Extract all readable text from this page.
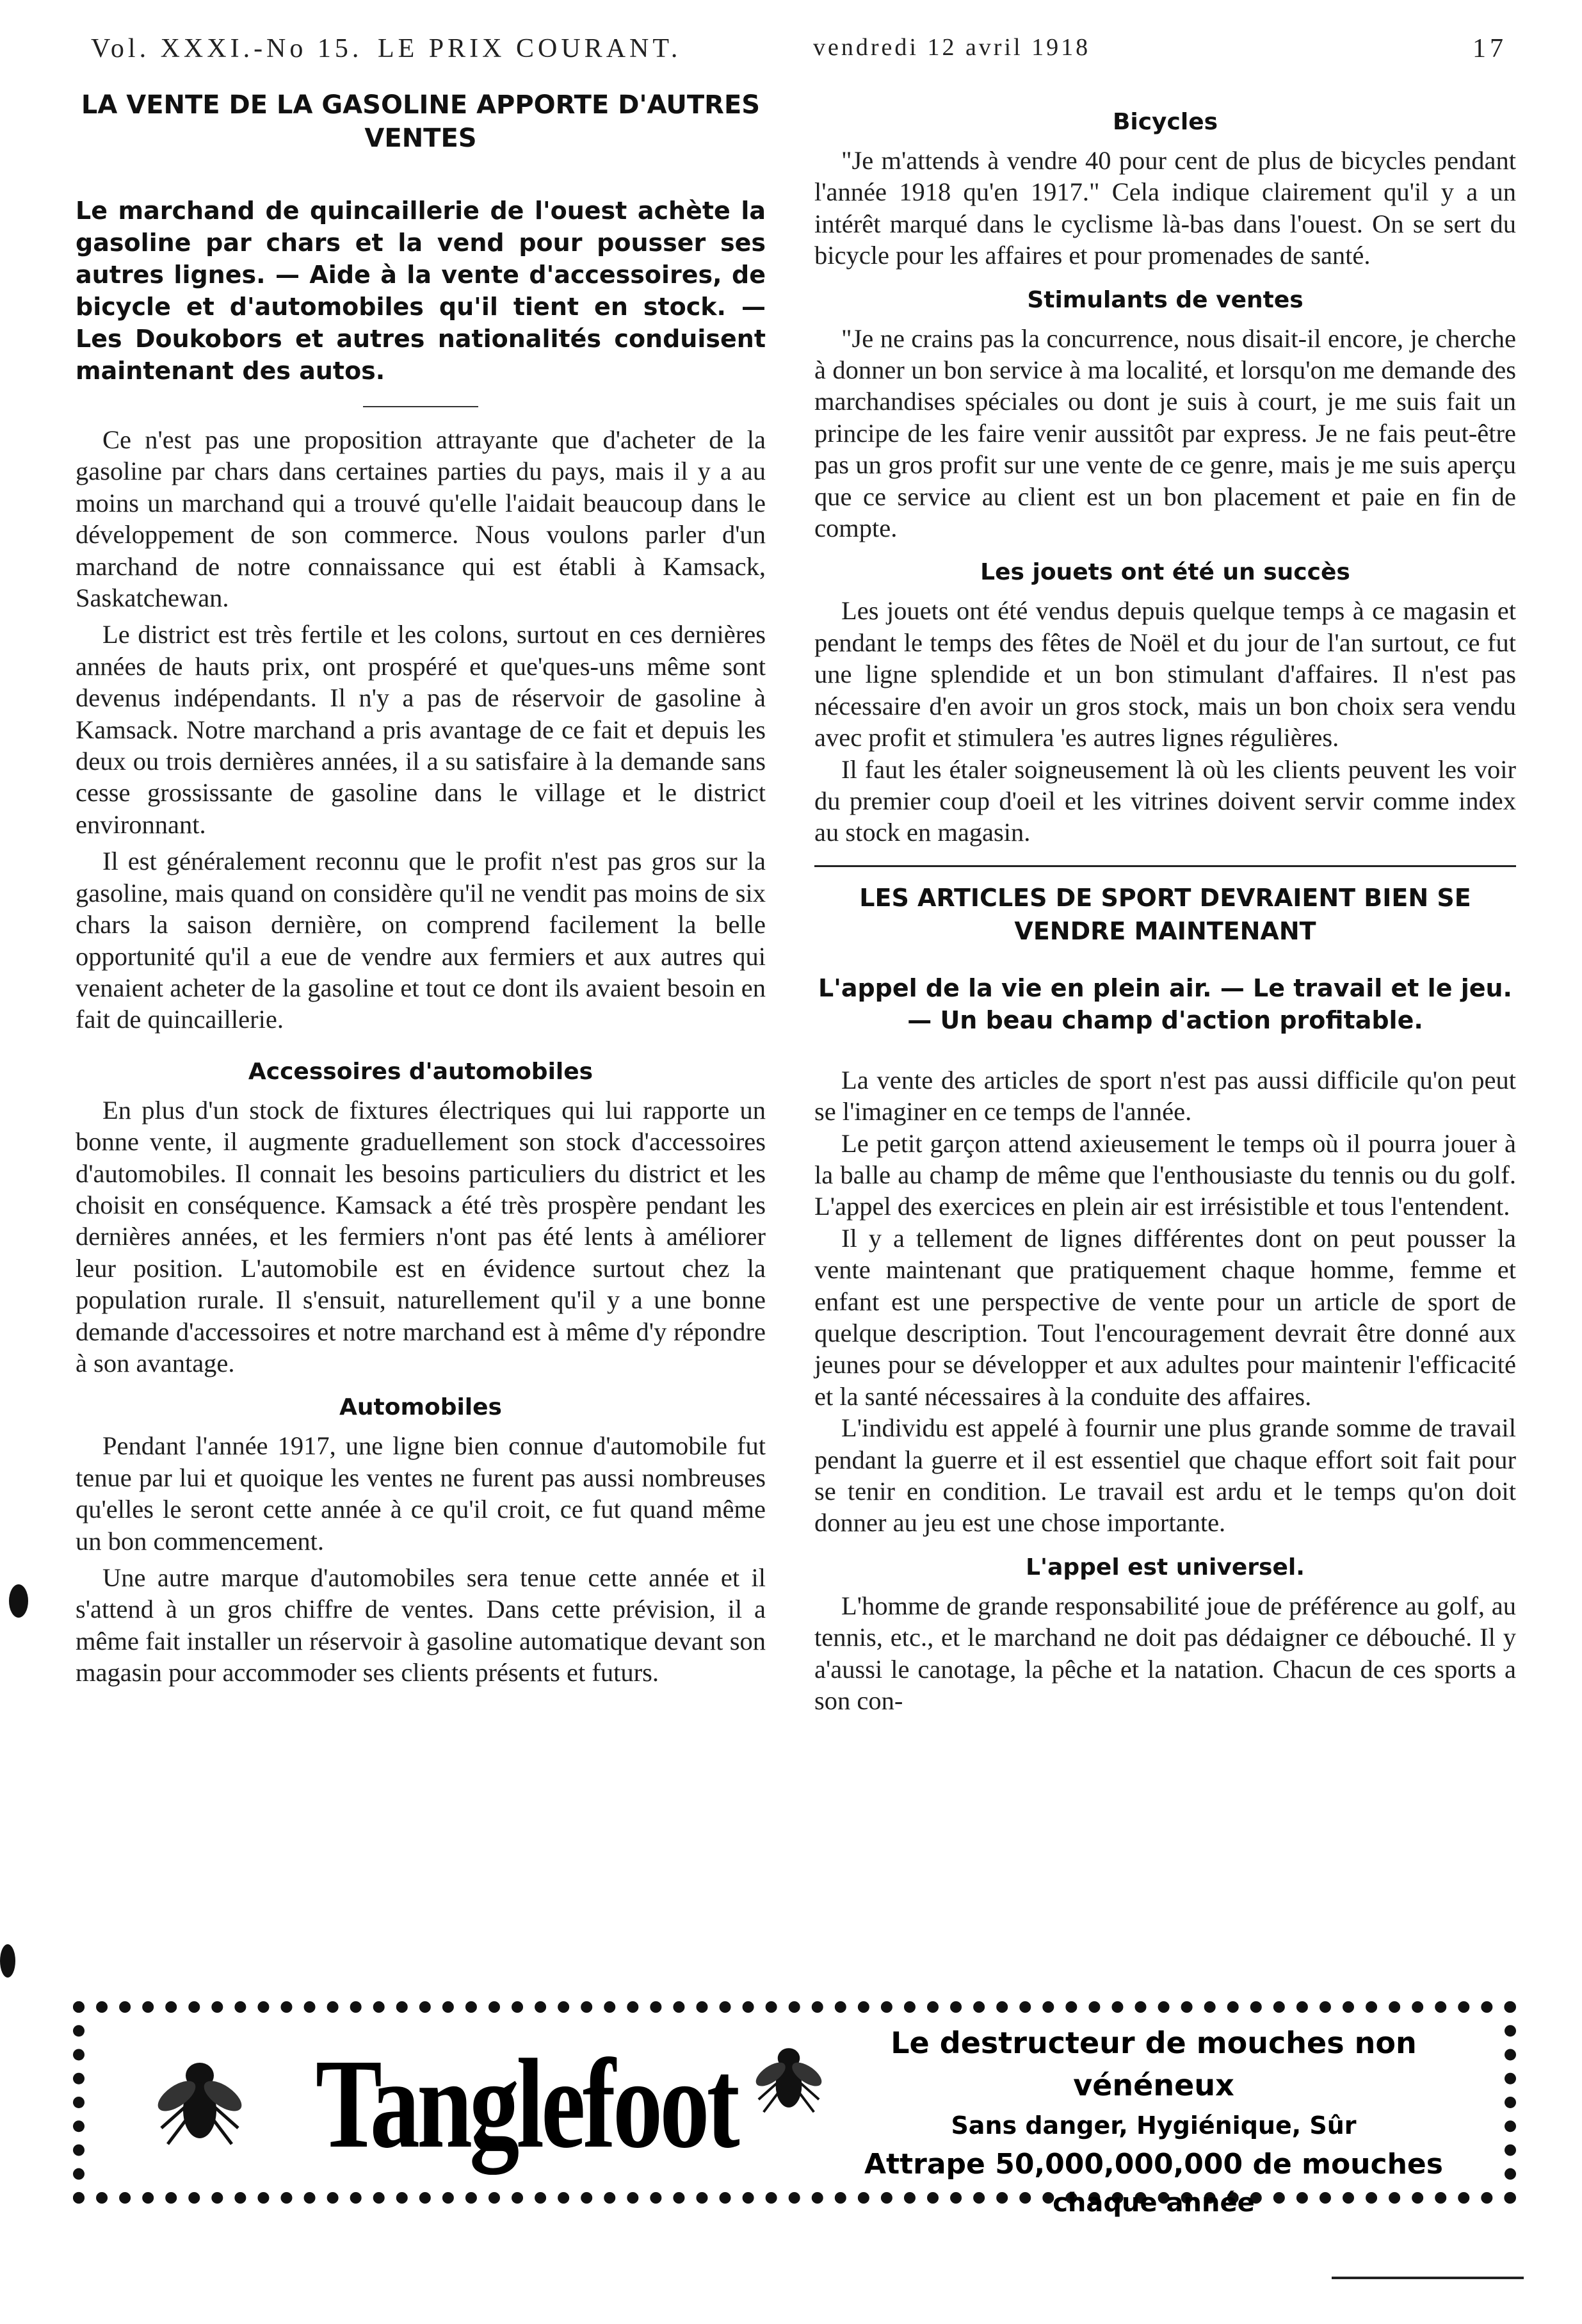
Vol. XXXI.-No 15. LE PRIX COURANT.	vendredi 12 avril 1918	17
LA VENTE DE LA GASOLINE APPORTE D'AUTRES VENTES
Le marchand de quincaillerie de l'ouest achète la gasoline par chars et la vend pour pousser ses autres lignes. — Aide à la vente d'accessoires, de bicycle et d'automobiles qu'il tient en stock. — Les Doukobors et autres nationalités conduisent maintenant des autos.

Ce n'est pas une proposition attrayante que d'acheter de la gasoline par chars dans certaines parties du pays, mais il y a au moins un marchand qui a trouvé qu'elle l'aidait beaucoup dans le développement de son commerce. Nous voulons parler d'un marchand de notre connaissance qui est établi à Kamsack, Saskatchewan.

Le district est très fertile et les colons, surtout en ces dernières années de hauts prix, ont prospéré et que'ques-uns même sont devenus indépendants. Il n'y a pas de réservoir de gasoline à Kamsack. Notre marchand a pris avantage de ce fait et depuis les deux ou trois dernières années, il a su satisfaire à la demande sans cesse grossissante de gasoline dans le village et le district environnant.

Il est généralement reconnu que le profit n'est pas gros sur la gasoline, mais quand on considère qu'il ne vendit pas moins de six chars la saison dernière, on comprend facilement la belle opportunité qu'il a eue de vendre aux fermiers et aux autres qui venaient acheter de la gasoline et tout ce dont ils avaient besoin en fait de quincaillerie.

Accessoires d'automobiles

En plus d'un stock de fixtures électriques qui lui rapporte un bonne vente, il augmente graduellement son stock d'accessoires d'automobiles. Il connait les besoins particuliers du district et les choisit en conséquence. Kamsack a été très prospère pendant les dernières années, et les fermiers n'ont pas été lents à améliorer leur position. L'automobile est en évidence surtout chez la population rurale. Il s'ensuit, naturellement qu'il y a une bonne demande d'accessoires et notre marchand est à même d'y répondre à son avantage.

Automobiles

Pendant l'année 1917, une ligne bien connue d'automobile fut tenue par lui et quoique les ventes ne furent pas aussi nombreuses qu'elles le seront cette année à ce qu'il croit, ce fut quand même un bon commencement.

Une autre marque d'automobiles sera tenue cette année et il s'attend à un gros chiffre de ventes. Dans cette prévision, il a même fait installer un réservoir à gasoline automatique devant son magasin pour accommoder ses clients présents et futurs.

Bicycles

"Je m'attends à vendre 40 pour cent de plus de bicycles pendant l'année 1918 qu'en 1917." Cela indique clairement qu'il y a un intérêt marqué dans le cyclisme là-bas dans l'ouest. On se sert du bicycle pour les affaires et pour promenades de santé.

Stimulants de ventes

"Je ne crains pas la concurrence, nous disait-il encore, je cherche à donner un bon service à ma localité, et lorsqu'on me demande des marchandises spéciales ou dont je suis à court, je me suis fait un principe de les faire venir aussitôt par express. Je ne fais peut-être pas un gros profit sur une vente de ce genre, mais je me suis aperçu que ce service au client est un bon placement et paie en fin de compte.

Les jouets ont été un succès

Les jouets ont été vendus depuis quelque temps à ce magasin et pendant le temps des fêtes de Noël et du jour de l'an surtout, ce fut une ligne splendide et un bon stimulant d'affaires. Il n'est pas nécessaire d'en avoir un gros stock, mais un bon choix sera vendu avec profit et stimulera 'es autres lignes régulières.

Il faut les étaler soigneusement là où les clients peuvent les voir du premier coup d'oeil et les vitrines doivent servir comme index au stock en magasin.

LES ARTICLES DE SPORT DEVRAIENT BIEN SE VENDRE MAINTENANT
L'appel de la vie en plein air. — Le travail et le jeu.
— Un beau champ d'action profitable.

La vente des articles de sport n'est pas aussi difficile qu'on peut se l'imaginer en ce temps de l'année.

Le petit garçon attend axieusement le temps où il pourra jouer à la balle au champ de même que l'enthousiaste du tennis ou du golf. L'appel des exercices en plein air est irrésistible et tous l'entendent.

Il y a tellement de lignes différentes dont on peut pousser la vente maintenant que pratiquement chaque homme, femme et enfant est une perspective de vente pour un article de sport de quelque description. Tout l'encouragement devrait être donné aux jeunes pour se développer et aux adultes pour maintenir l'efficacité et la santé nécessaires à la conduite des affaires.

L'individu est appelé à fournir une plus grande somme de travail pendant la guerre et il est essentiel que chaque effort soit fait pour se tenir en condition. Le travail est ardu et le temps qu'on doit donner au jeu est une chose importante.

L'appel est universel.

L'homme de grande responsabilité joue de préférence au golf, au tennis, etc., et le marchand ne doit pas dédaigner ce débouché. Il y a'aussi le canotage, la pêche et la natation. Chacun de ces sports a son con-

Tanglefoot	Le destructeur de mouches non vénéneux
Sans danger, Hygiénique, Sûr
Attrape 50,000,000,000 de mouches
chaque année
